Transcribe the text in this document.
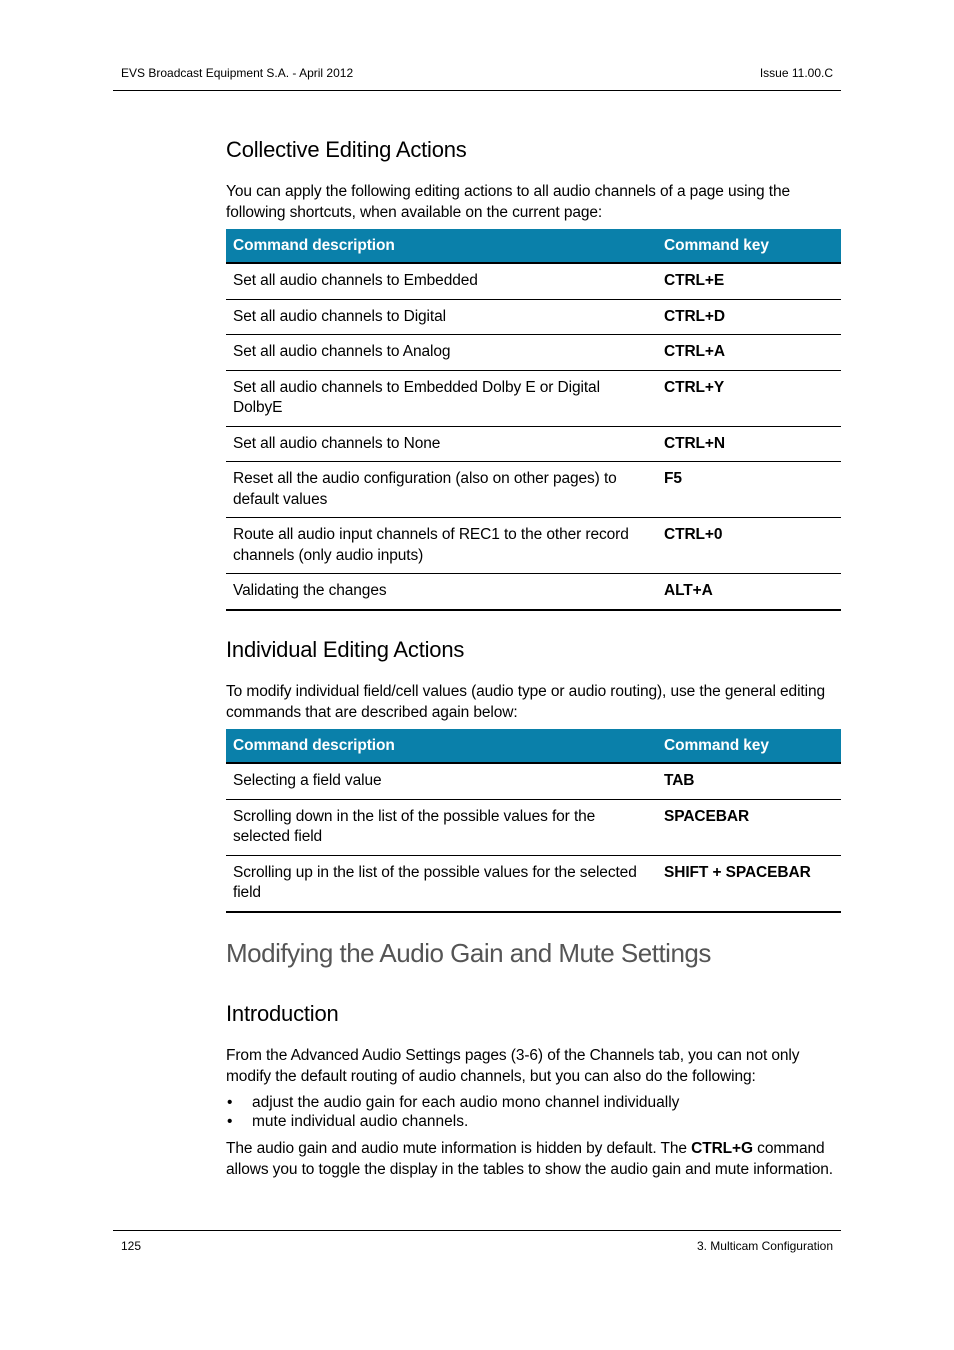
EVS Broadcast Equipment S.A. - April 2012	Issue 11.00.C
Collective Editing Actions
You can apply the following editing actions to all audio channels of a page using the following shortcuts, when available on the current page:
Command description	Command key
Set all audio channels to Embedded	CTRL+E
Set all audio channels to Digital	CTRL+D
Set all audio channels to Analog	CTRL+A
Set all audio channels to Embedded Dolby E or Digital DolbyE	CTRL+Y
Set all audio channels to None	CTRL+N
Reset all the audio configuration (also on other pages) to default values	F5
Route all audio input channels of REC1 to the other record channels (only audio inputs)	CTRL+0
Validating the changes	ALT+A
Individual Editing Actions
To modify individual field/cell values (audio type or audio routing), use the general editing commands that are described again below:
Command description	Command key
Selecting a field value	TAB
Scrolling down in the list of the possible values for the selected field	SPACEBAR
Scrolling up in the list of the possible values for the selected field	SHIFT + SPACEBAR
Modifying the Audio Gain and Mute Settings
Introduction
From the Advanced Audio Settings pages (3-6) of the Channels tab, you can not only modify the default routing of audio channels, but you can also do the following:
• adjust the audio gain for each audio mono channel individually
• mute individual audio channels.
The audio gain and audio mute information is hidden by default. The CTRL+G command allows you to toggle the display in the tables to show the audio gain and mute information.
125	3. Multicam Configuration
